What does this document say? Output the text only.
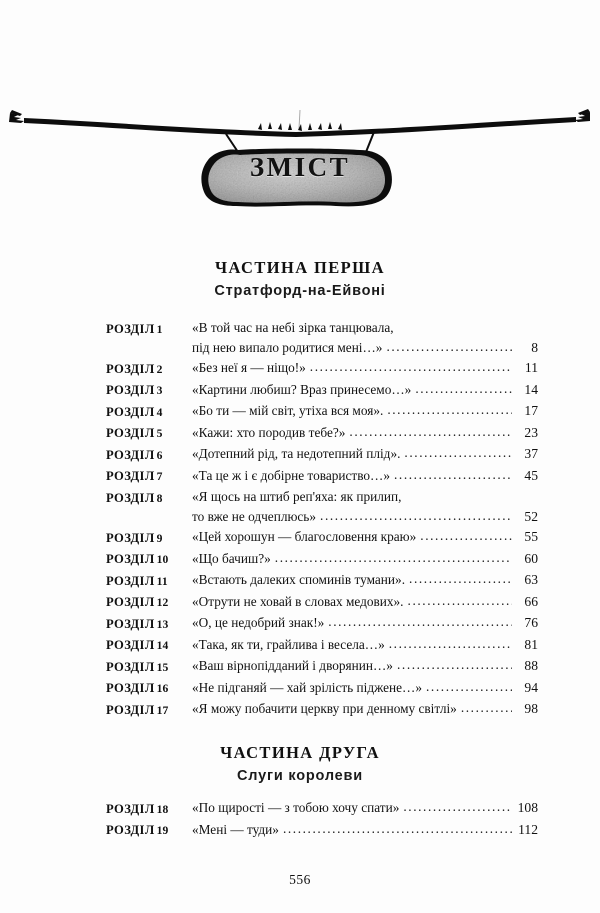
ЗМІСТ
ЧАСТИНА ПЕРША
Стратфорд-на-Ейвоні
РОЗДІЛ 1	«В той час на небі зірка танцювала,
під нею випало родитися мені…» .....	8
РОЗДІЛ 2	«Без неї я — ніщо!» .....	11
РОЗДІЛ 3	«Картини любиш? Враз принесемо…» .....	14
РОЗДІЛ 4	«Бо ти — мій світ, утіха вся моя». .....	17
РОЗДІЛ 5	«Кажи: хто породив тебе?» .....	23
РОЗДІЛ 6	«Дотепний рід, та недотепний плід». .....	37
РОЗДІЛ 7	«Та це ж і є добірне товариство…» .....	45
РОЗДІЛ 8	«Я щось на штиб реп'яха: як прилип,
то вже не одчеплюсь» .....	52
РОЗДІЛ 9	«Цей хорошун — благословення краю» .....	55
РОЗДІЛ 10	«Що бачиш?» .....	60
РОЗДІЛ 11	«Встають далеких споминів тумани». .....	63
РОЗДІЛ 12	«Отрути не ховай в словах медових». .....	66
РОЗДІЛ 13	«О, це недобрий знак!» .....	76
РОЗДІЛ 14	«Така, як ти, грайлива і весела…» .....	81
РОЗДІЛ 15	«Ваш вірнопідданий і дворянин…» .....	88
РОЗДІЛ 16	«Не підганяй — хай зрілість піджене…» .....	94
РОЗДІЛ 17	«Я можу побачити церкву при денному світлі» .....	98
ЧАСТИНА ДРУГА
Слуги королеви
РОЗДІЛ 18	«По щирості — з тобою хочу спати» .....	108
РОЗДІЛ 19	«Мені — туди» .....	112
556
